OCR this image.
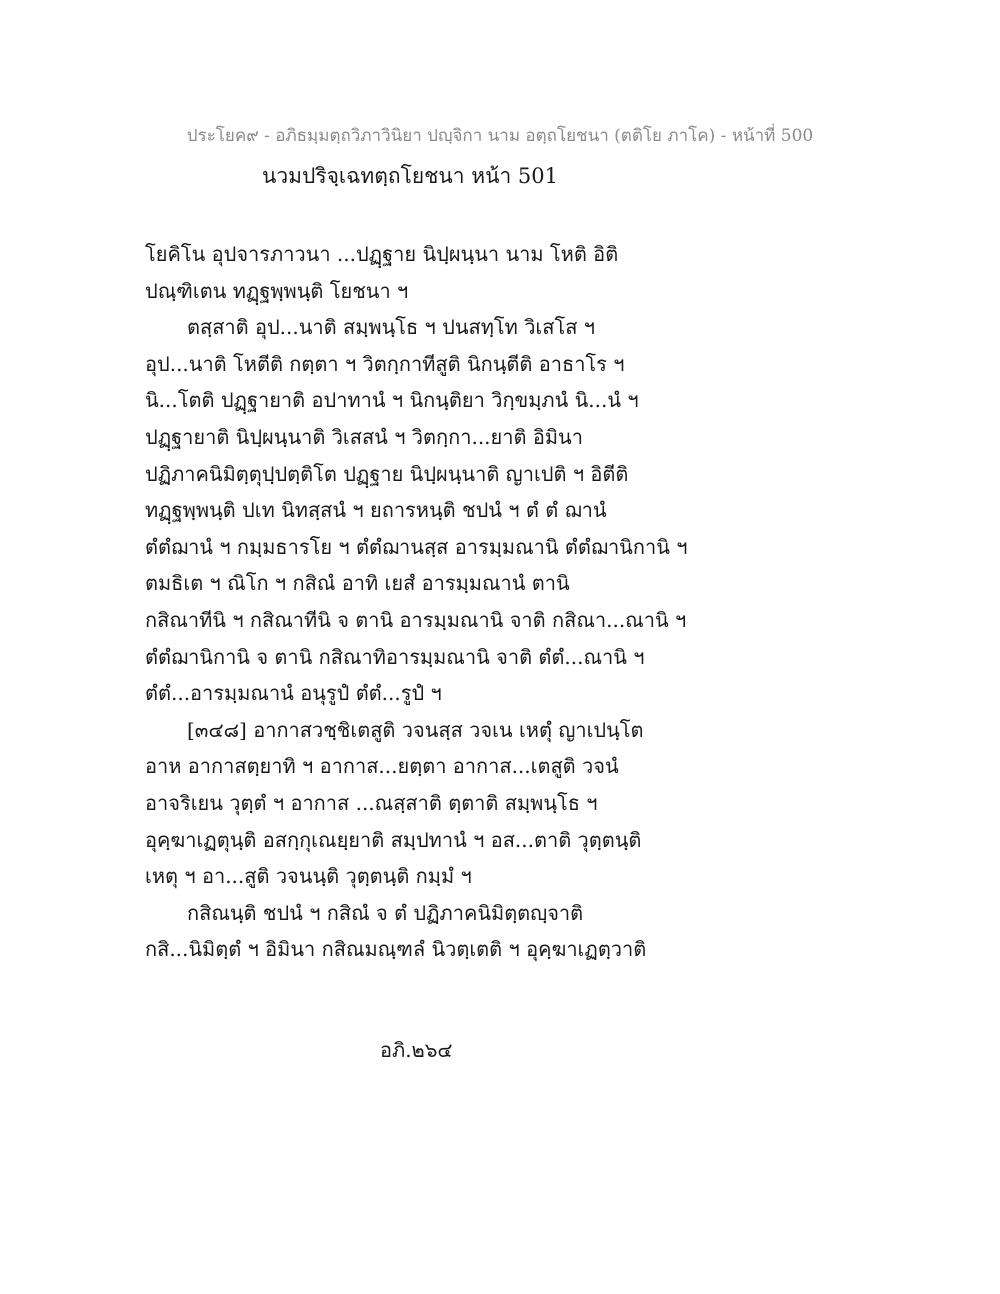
ประโยค๙ - อภิธมฺมตฺถวิภาวินิยา ปญฺจิกา นาม อตฺถโยชนา (ตติโย ภาโค) - หน้าที่ 500
นวมปริจฺเฉทตฺถโยชนา หน้า 501
โยคิโน อุปจารภาวนา ...ปฏฺฐาย นิปฺผนฺนา นาม โหติ อิติ
ปณฺฑิเตน ทฏฺฐพฺพนฺติ โยชนา ฯ
ตสฺสาติ อุป...นาติ สมฺพนฺโธ ฯ ปนสทฺโท วิเสโส ฯ
อุป...นาติ โหตีติ กตฺตา ฯ วิตกฺกาทีสูติ นิกนฺตีติ อาธาโร ฯ
นิ...โตติ ปฏฺฐายาติ อปาทานํ ฯ นิกนฺติยา วิกฺขมฺภนํ นิ...นํ ฯ
ปฏฺฐายาติ นิปฺผนฺนาติ วิเสสนํ ฯ วิตกฺกา...ยาติ อิมินา
ปฏิภาคนิมิตฺตุปฺปตฺติโต ปฏฺฐาย นิปฺผนฺนาติ ญาเปติ ฯ อิตีติ
ทฏฺฐพฺพนฺติ ปเท นิทสฺสนํ ฯ ยถารหนฺติ ชปนํ ฯ ตํ ตํ ฌานํ
ตํตํฌานํ ฯ กมฺมธารโย ฯ ตํตํฌานสฺส อารมฺมณานิ ตํตํฌานิกานิ ฯ
ตมธิเต ฯ ณิโก ฯ กสิณํ อาทิ เยสํ อารมฺมณานํ ตานิ
กสิณาทีนิ ฯ กสิณาทีนิ จ ตานิ อารมฺมณานิ จาติ กสิณา...ณานิ ฯ
ตํตํฌานิกานิ จ ตานิ กสิณาทิอารมฺมณานิ จาติ ตํตํ...ณานิ ฯ
ตํตํ...อารมฺมณานํ อนุรูปํ ตํตํ...รูปํ ฯ
[๓๔๘] อากาสวชฺชิเตสูติ วจนสฺส วจเน เหตุํ ญาเปนฺโต
อาห อากาสตฺยาทิ ฯ อากาส...ยตฺตา อากาส...เตสูติ วจนํ
อาจริเยน วุตฺตํ ฯ อากาส ...ณสฺสาติ ตฺตาติ สมฺพนฺโธ ฯ
อุคฺฆาเฏตุนฺติ อสกฺกุเณยฺยาติ สมฺปทานํ ฯ อส...ตาติ วุตฺตนฺติ
เหตุ ฯ อา...สูติ วจนนฺติ วุตฺตนฺติ กมฺมํ ฯ
กสิณนฺติ ชปนํ ฯ กสิณํ จ ตํ ปฏิภาคนิมิตฺตญฺจาติ
กสิ...นิมิตฺตํ ฯ อิมินา กสิณมณฺฑลํ นิวตฺเตติ ฯ อุคฺฆาเฏตฺวาติ
อภิ.๒๖๔
